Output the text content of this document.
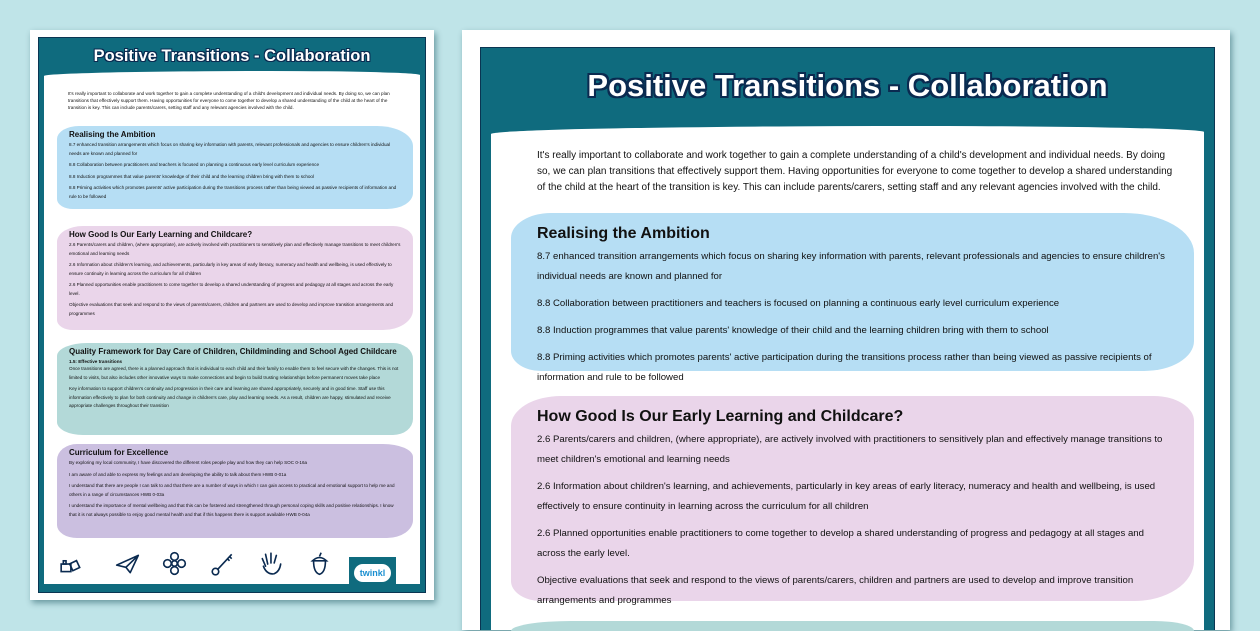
Positive Transitions - Collaboration
It's really important to collaborate and work together to gain a complete understanding of a child's development and individual needs. By doing so, we can plan transitions that effectively support them. Having opportunities for everyone to come together to develop a shared understanding of the child at the heart of the transition is key. This can include parents/carers, setting staff and any relevant agencies involved with the child.
Realising the Ambition

8.7 enhanced transition arrangements which focus on sharing key information with parents, relevant professionals and agencies to ensure children's individual needs are known and planned for

8.8 Collaboration between practitioners and teachers is focused on planning a continuous early level curriculum experience

8.8 Induction programmes that value parents' knowledge of their child and the learning children bring with them to school

8.8 Priming activities which promotes parents' active participation during the transitions process rather than being viewed as passive recipients of information and rule to be followed

How Good Is Our Early Learning and Childcare?

2.6 Parents/carers and children, (where appropriate), are actively involved with practitioners to sensitively plan and effectively manage transitions to meet children's emotional and learning needs

2.6 Information about children's learning, and achievements, particularly in key areas of early literacy, numeracy and health and wellbeing, is used effectively to ensure continuity in learning across the curriculum for all children

2.6 Planned opportunities enable practitioners to come together to develop a shared understanding of progress and pedagogy at all stages and across the early level.

Objective evaluations that seek and respond to the views of parents/carers, children and partners are used to develop and improve transition arrangements and programmes

Quality Framework for Day Care of Children, Childminding and School Aged Childcare

1.5: Effective transitions

Once transitions are agreed, there is a planned approach that is individual to each child and their family to enable them to feel secure with the changes. This is not limited to visits, but also includes other innovative ways to make connections and begin to build trusting relationships before permanent moves take place

Key information to support children's continuity and progression in their care and learning are shared appropriately, securely and in good time. Staff use this information effectively to plan for both continuity and change in children's care, play and learning needs. As a result, children are happy, stimulated and receive appropriate challenges throughout their transition

Curriculum for Excellence

By exploring my local community, I have discovered the different roles people play and how they can help SOC 0-16a

I am aware of and able to express my feelings and am developing the ability to talk about them HWB 0-01a

I understand that there are people I can talk to and that there are a number of ways in which I can gain access to practical and emotional support to help me and others in a range of circumstances HWB 0-03a

I understand the importance of mental wellbeing and that this can be fostered and strengthened through personal coping skills and positive relationships. I know that it is not always possible to enjoy good mental health and that if this happens there is support available HWB 0-04a

twinkl
Positive Transitions - Collaboration
It's really important to collaborate and work together to gain a complete understanding of a child's development and individual needs. By doing so, we can plan transitions that effectively support them. Having opportunities for everyone to come together to develop a shared understanding of the child at the heart of the transition is key. This can include parents/carers, setting staff and any relevant agencies involved with the child.
Realising the Ambition

8.7 enhanced transition arrangements which focus on sharing key information with parents, relevant professionals and agencies to ensure children's individual needs are known and planned for

8.8 Collaboration between practitioners and teachers is focused on planning a continuous early level curriculum experience

8.8 Induction programmes that value parents' knowledge of their child and the learning children bring with them to school

8.8 Priming activities which promotes parents' active participation during the transitions process rather than being viewed as passive recipients of information and rule to be followed

How Good Is Our Early Learning and Childcare?

2.6 Parents/carers and children, (where appropriate), are actively involved with practitioners to sensitively plan and effectively manage transitions to meet children's emotional and learning needs

2.6 Information about children's learning, and achievements, particularly in key areas of early literacy, numeracy and health and wellbeing, is used effectively to ensure continuity in learning across the curriculum for all children

2.6 Planned opportunities enable practitioners to come together to develop a shared understanding of progress and pedagogy at all stages and across the early level.

Objective evaluations that seek and respond to the views of parents/carers, children and partners are used to develop and improve transition arrangements and programmes
